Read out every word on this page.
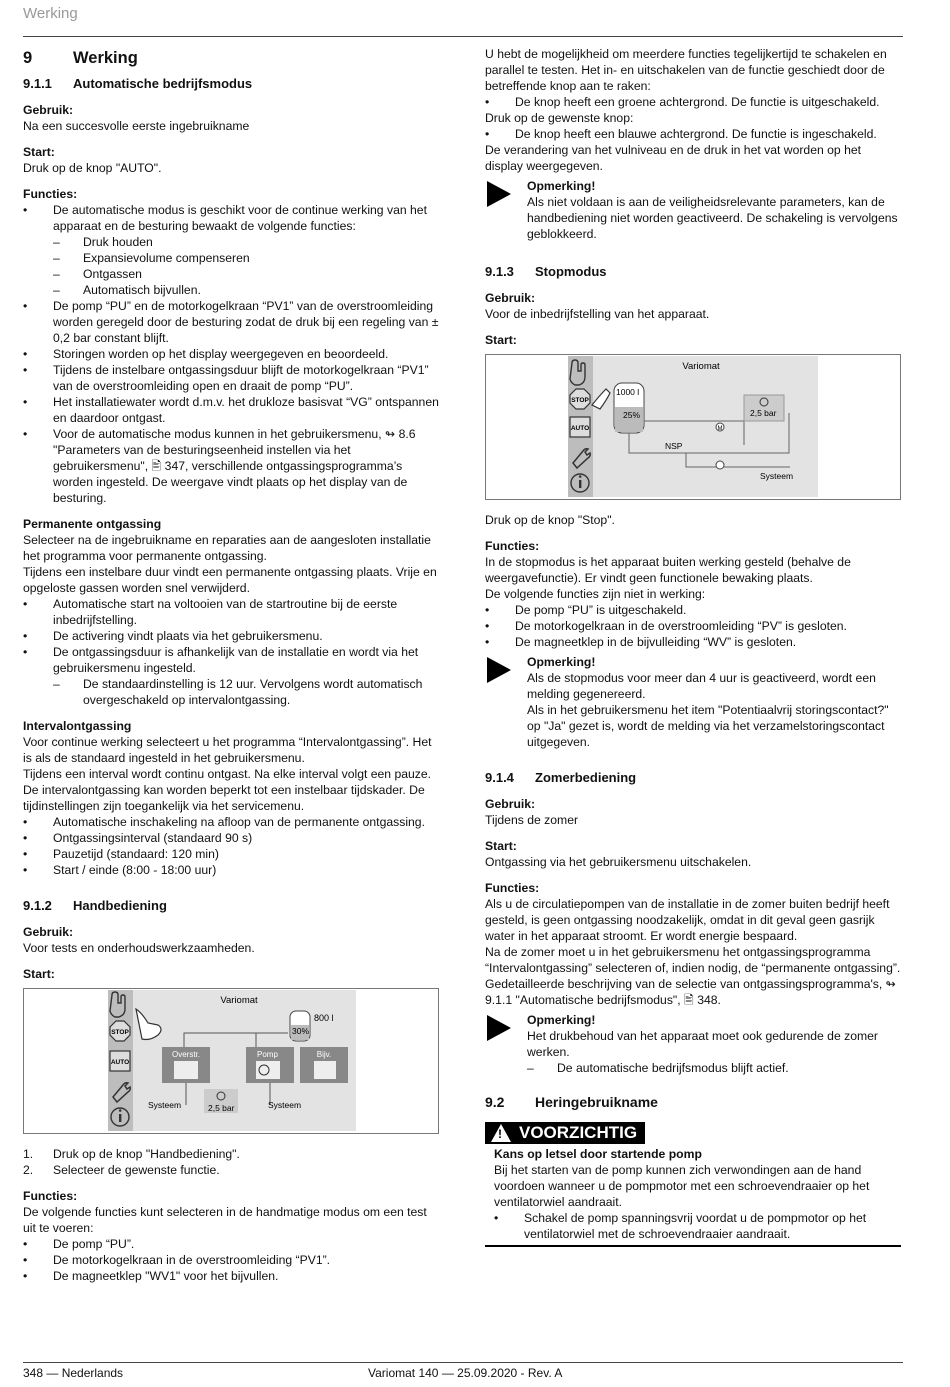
Werking
9	Werking
9.1.1	Automatische bedrijfsmodus

Gebruik:

Na een succesvolle eerste ingebruikname

Start:

Druk op de knop "AUTO".

Functies:

•	De automatische modus is geschikt voor de continue werking van het apparaat en de besturing bewaakt de volgende functies:
–	Druk houden
–	Expansievolume compenseren
–	Ontgassen
–	Automatisch bijvullen.
•	De pomp “PU” en de motorkogelkraan “PV1” van de overstroomleiding worden geregeld door de besturing zodat de druk bij een regeling van ± 0,2 bar constant blijft.
•	Storingen worden op het display weergegeven en beoordeeld.
•	Tijdens de instelbare ontgassingsduur blijft de motorkogelkraan “PV1” van de overstroomleiding open en draait de pomp “PU”.
•	Het installatiewater wordt d.m.v. het drukloze basisvat “VG” ontspannen en daardoor ontgast.
•	Voor de automatische modus kunnen in het gebruikersmenu, ↬ 8.6 "Parameters van de besturingseenheid instellen via het gebruikersmenu", 🖹 347, verschillende ontgassingsprogramma’s worden ingesteld. De weergave vindt plaats op het display van de besturing.

Permanente ontgassing

Selecteer na de ingebruikname en reparaties aan de aangesloten installatie het programma voor permanente ontgassing.

Tijdens een instelbare duur vindt een permanente ontgassing plaats. Vrije en opgeloste gassen worden snel verwijderd.

•	Automatische start na voltooien van de startroutine bij de eerste inbedrijfstelling.
•	De activering vindt plaats via het gebruikersmenu.
•	De ontgassingsduur is afhankelijk van de installatie en wordt via het gebruikersmenu ingesteld.
–	De standaardinstelling is 12 uur. Vervolgens wordt automatisch overgeschakeld op intervalontgassing.

Intervalontgassing

Voor continue werking selecteert u het programma “Intervalontgassing”. Het is als de standaard ingesteld in het gebruikersmenu.

Tijdens een interval wordt continu ontgast. Na elke interval volgt een pauze. De intervalontgassing kan worden beperkt tot een instelbaar tijdskader. De tijdinstellingen zijn toegankelijk via het servicemenu.

•	Automatische inschakeling na afloop van de permanente ontgassing.
•	Ontgassingsinterval (standaard 90 s)
•	Pauzetijd (standaard: 120 min)
•	Start / einde (8:00 - 18:00 uur)
9.1.2	Handbediening

Gebruik:

Voor tests en onderhoudswerkzaamheden.

Start:

STOP
AUTO
Variomat
800 l
30%
Overstr.	Pomp	Bijv.
Systeem	Systeem
2,5 bar
1.	Druk op de knop "Handbediening".
2.	Selecteer de gewenste functie.

Functies:

De volgende functies kunt selecteren in de handmatige modus om een test uit te voeren:

•	De pomp “PU”.
•	De motorkogelkraan in de overstroomleiding “PV1”.
•	De magneetklep "WV1" voor het bijvullen.

U hebt de mogelijkheid om meerdere functies tegelijkertijd te schakelen en parallel te testen. Het in- en uitschakelen van de functie geschiedt door de betreffende knop aan te raken:

•	De knop heeft een groene achtergrond. De functie is uitgeschakeld.

Druk op de gewenste knop:

•	De knop heeft een blauwe achtergrond. De functie is ingeschakeld.

De verandering van het vulniveau en de druk in het vat worden op het display weergegeven.

Opmerking!

Als niet voldaan is aan de veiligheidsrelevante parameters, kan de handbediening niet worden geactiveerd. De schakeling is vervolgens geblokkeerd.

9.1.3	Stopmodus

Gebruik:

Voor de inbedrijfstelling van het apparaat.

Start:

STOP
AUTO
Variomat
1000 l
25%
NSP
M
2,5 bar
Systeem

Druk op de knop "Stop".

Functies:

In de stopmodus is het apparaat buiten werking gesteld (behalve de weergavefunctie). Er vindt geen functionele bewaking plaats.

De volgende functies zijn niet in werking:

•	De pomp “PU” is uitgeschakeld.
•	De motorkogelkraan in de overstroomleiding “PV” is gesloten.
•	De magneetklep in de bijvulleiding “WV” is gesloten.

Opmerking!

Als de stopmodus voor meer dan 4 uur is geactiveerd, wordt een melding gegenereerd.

Als in het gebruikersmenu het item "Potentiaalvrij storingscontact?" op "Ja" gezet is, wordt de melding via het verzamelstoringscontact uitgegeven.

9.1.4	Zomerbediening

Gebruik:

Tijdens de zomer

Start:

Ontgassing via het gebruikersmenu uitschakelen.

Functies:

Als u de circulatiepompen van de installatie in de zomer buiten bedrijf heeft gesteld, is geen ontgassing noodzakelijk, omdat in dit geval geen gasrijk water in het apparaat stroomt. Er wordt energie bespaard.

Na de zomer moet u in het gebruikersmenu het ontgassingsprogramma “Intervalontgassing” selecteren of, indien nodig, de “permanente ontgassing”.

Gedetailleerde beschrijving van de selectie van ontgassingsprogramma's, ↬ 9.1.1 "Automatische bedrijfsmodus", 🖹 348.

Opmerking!

Het drukbehoud van het apparaat moet ook gedurende de zomer werken.

–	De automatische bedrijfsmodus blijft actief.
9.2	Heringebruikname
! VOORZICHTIG

Kans op letsel door startende pomp

Bij het starten van de pomp kunnen zich verwondingen aan de hand voordoen wanneer u de pompmotor met een schroevendraaier op het ventilatorwiel aandraait.

•	Schakel de pomp spanningsvrij voordat u de pompmotor op het ventilatorwiel met de schroevendraaier aandraait.
348 — Nederlands	Variomat 140 — 25.09.2020 - Rev. A
